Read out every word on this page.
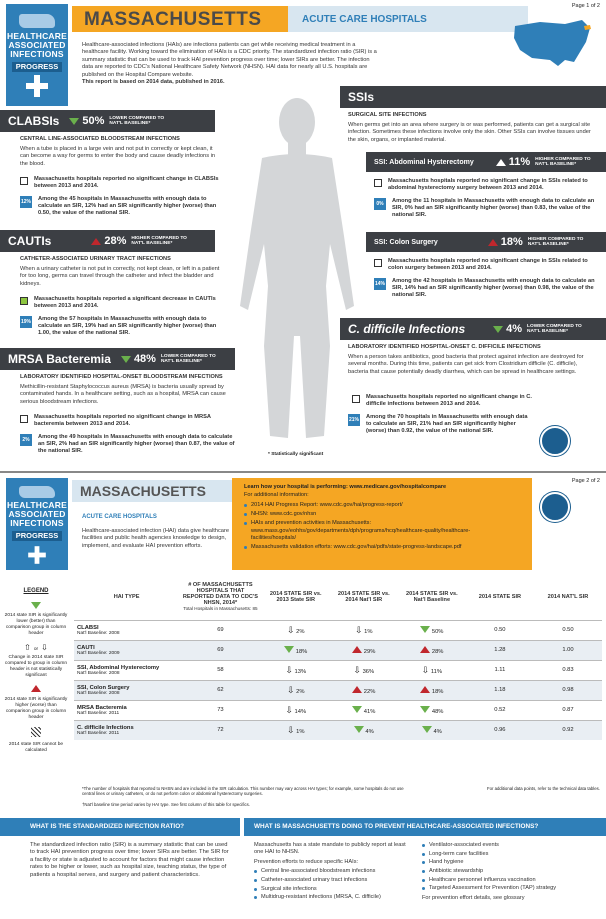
Page 1 of 2
HEALTHCARE
ASSOCIATED
INFECTIONS
PROGRESS
MASSACHUSETTS	ACUTE CARE HOSPITALS
Healthcare-associated infections (HAIs) are infections patients can get while receiving medical treatment in a healthcare facility. Working toward the elimination of HAIs is a CDC priority. The standardized infection ratio (SIR) is a summary statistic that can be used to track HAI prevention progress over time; lower SIRs are better. The infection data are reported to CDC's National Healthcare Safety Network (NHSN). HAI data for nearly all U.S. hospitals are published on the Hospital Compare website.
This report is based on 2014 data, published in 2016.
CLABSIs 50% LOWER COMPARED TO NAT'L BASELINE*
CENTRAL LINE-ASSOCIATED BLOODSTREAM INFECTIONS
When a tube is placed in a large vein and not put in correctly or kept clean, it can become a way for germs to enter the body and cause deadly infections in the blood.
Massachusetts hospitals reported no significant change in CLABSIs between 2013 and 2014.
12% Among the 45 hospitals in Massachusetts with enough data to calculate an SIR, 12% had an SIR significantly higher (worse) than 0.50, the value of the national SIR.
CAUTIs	28% HIGHER COMPARED TO NAT'L BASELINE*
CATHETER-ASSOCIATED URINARY TRACT INFECTIONS
When a urinary catheter is not put in correctly, not kept clean, or left in a patient for too long, germs can travel through the catheter and infect the bladder and kidneys.
Massachusetts hospitals reported a significant decrease in CAUTIs between 2013 and 2014.
19% Among the 57 hospitals in Massachusetts with enough data to calculate an SIR, 19% had an SIR significantly higher (worse) than 1.00, the value of the national SIR.
MRSA Bacteremia 48% LOWER COMPARED TO NAT'L BASELINE*
LABORATORY IDENTIFIED HOSPITAL-ONSET BLOODSTREAM INFECTIONS
Methicillin-resistant Staphylococcus aureus (MRSA) is bacteria usually spread by contaminated hands. In a healthcare setting, such as a hospital, MRSA can cause serious bloodstream infections.
Massachusetts hospitals reported no significant change in MRSA bacteremia between 2013 and 2014.
2%	Among the 49 hospitals in Massachusetts with enough data to calculate an SIR, 2% had an SIR significantly higher (worse) than 0.87, the value of the national SIR.
SSIs
SURGICAL SITE INFECTIONS
When germs get into an area where surgery is or was performed, patients can get a surgical site infection. Sometimes these infections involve only the skin. Other SSIs can involve tissues under the skin, organs, or implanted material.
SSI: Abdominal Hysterectomy	11% HIGHER COMPARED TO NAT'L BASELINE*
Massachusetts hospitals reported no significant change in SSIs related to abdominal hysterectomy surgery between 2013 and 2014.
0%	Among the 11 hospitals in Massachusetts with enough data to calculate an SIR, 0% had an SIR significantly higher (worse) than 0.83, the value of the national SIR.
SSI: Colon Surgery	18% HIGHER COMPARED TO NAT'L BASELINE*
Massachusetts hospitals reported no significant change in SSIs related to colon surgery between 2013 and 2014.
14% Among the 42 hospitals in Massachusetts with enough data to calculate an SIR, 14% had an SIR significantly higher (worse) than 0.98, the value of the national SIR.
C. difficile Infections	4% LOWER COMPARED TO NAT'L BASELINE*
LABORATORY IDENTIFIED HOSPITAL-ONSET C. DIFFICILE INFECTIONS
When a person takes antibiotics, good bacteria that protect against infection are destroyed for several months. During this time, patients can get sick from Clostridium difficile (C. difficile), bacteria that cause potentially deadly diarrhea, which can be spread in healthcare settings.
Massachusetts hospitals reported no significant change in C. difficile infections between 2013 and 2014.
21% Among the 70 hospitals in Massachusetts with enough data to calculate an SIR, 21% had an SIR significantly higher (worse) than 0.92, the value of the national SIR.
* Statistically significant
Page 2 of 2
HEALTHCARE
ASSOCIATED
INFECTIONS
PROGRESS
MASSACHUSETTS
ACUTE CARE HOSPITALS
Healthcare-associated infection (HAI) data give healthcare facilities and public health agencies knowledge to design, implement, and evaluate HAI prevention efforts.
Learn how your hospital is performing: www.medicare.gov/hospitalcompare
For additional information:
2014 HAI Progress Report: www.cdc.gov/hai/progress-report/
NHSN: www.cdc.gov/nhsn
HAIs and prevention activities in Massachusetts: www.mass.gov/eohhs/gov/departments/dph/programs/hcq/healthcare-quality/healthcare-facilities/hospitals/
Massachusetts validation efforts: www.cdc.gov/hai/pdfs/state-progress-landscape.pdf
LEGEND
2014 state SIR is significantly lower (better) than comparison group in column header
⇧ or ⇩
Change in 2014 state SIR compared to group in column header is not statistically significant
2014 state SIR is significantly higher (worse) than comparison group in column header
2014 state SIR cannot be calculated
HAI TYPE	# OF MASSACHUSETTS HOSPITALS THAT REPORTED DATA TO CDC'S NHSN, 2014*
Total Hospitals in Massachusetts: 85	2014 STATE SIR vs. 2013 State SIR	2014 STATE SIR vs. 2014 Nat'l SIR	2014 STATE SIR vs. Nat'l Baseline	2014 STATE SIR	2014 NAT'L SIR
CLABSI
Nat'l Baseline: 2008	69	⇩ 2%	⇩ 1%	50%	0.50	0.50
CAUTI
Nat'l Baseline: 2009	69	18%	29%	28%	1.28	1.00
SSI, Abdominal Hysterectomy
Nat'l Baseline: 2008	58	⇩ 13%	⇩ 36%	⇩ 11%	1.11	0.83
SSI, Colon Surgery
Nat'l Baseline: 2008	62	⇩ 2%	22%	18%	1.18	0.98
MRSA Bacteremia
Nat'l Baseline: 2011	73	⇩ 14%	41%	48%	0.52	0.87
C. difficile Infections
Nat'l Baseline: 2011	72	⇩ 1%	4%	4%	0.96	0.92
*The number of hospitals that reported to NHSN and are included in the SIR calculation. This number may vary across HAI types; for example, some hospitals do not use central lines or urinary catheters, or do not perform colon or abdominal hysterectomy surgeries.
†Nat'l baseline time period varies by HAI type. See first column of this table for specifics.
For additional data points, refer to the technical data tables.
WHAT IS THE STANDARDIZED INFECTION RATIO?
The standardized infection ratio (SIR) is a summary statistic that can be used to track HAI prevention progress over time; lower SIRs are better. The SIR for a facility or state is adjusted to account for factors that might cause infection rates to be higher or lower, such as hospital size, teaching status, the type of patients a hospital serves, and surgery and patient characteristics.
WHAT IS MASSACHUSETTS DOING TO PREVENT HEALTHCARE-ASSOCIATED INFECTIONS?
Massachusetts has a state mandate to publicly report at least one HAI to NHSN.
Prevention efforts to reduce specific HAIs:
Central line-associated bloodstream infections
Catheter-associated urinary tract infections
Surgical site infections
Multidrug-resistant infections (MRSA, C. difficile)
Ventilator-associated events
Long-term care facilities
Hand hygiene
Antibiotic stewardship
Healthcare personnel influenza vaccination
Targeted Assessment for Prevention (TAP) strategy
For prevention effort details, see glossary
